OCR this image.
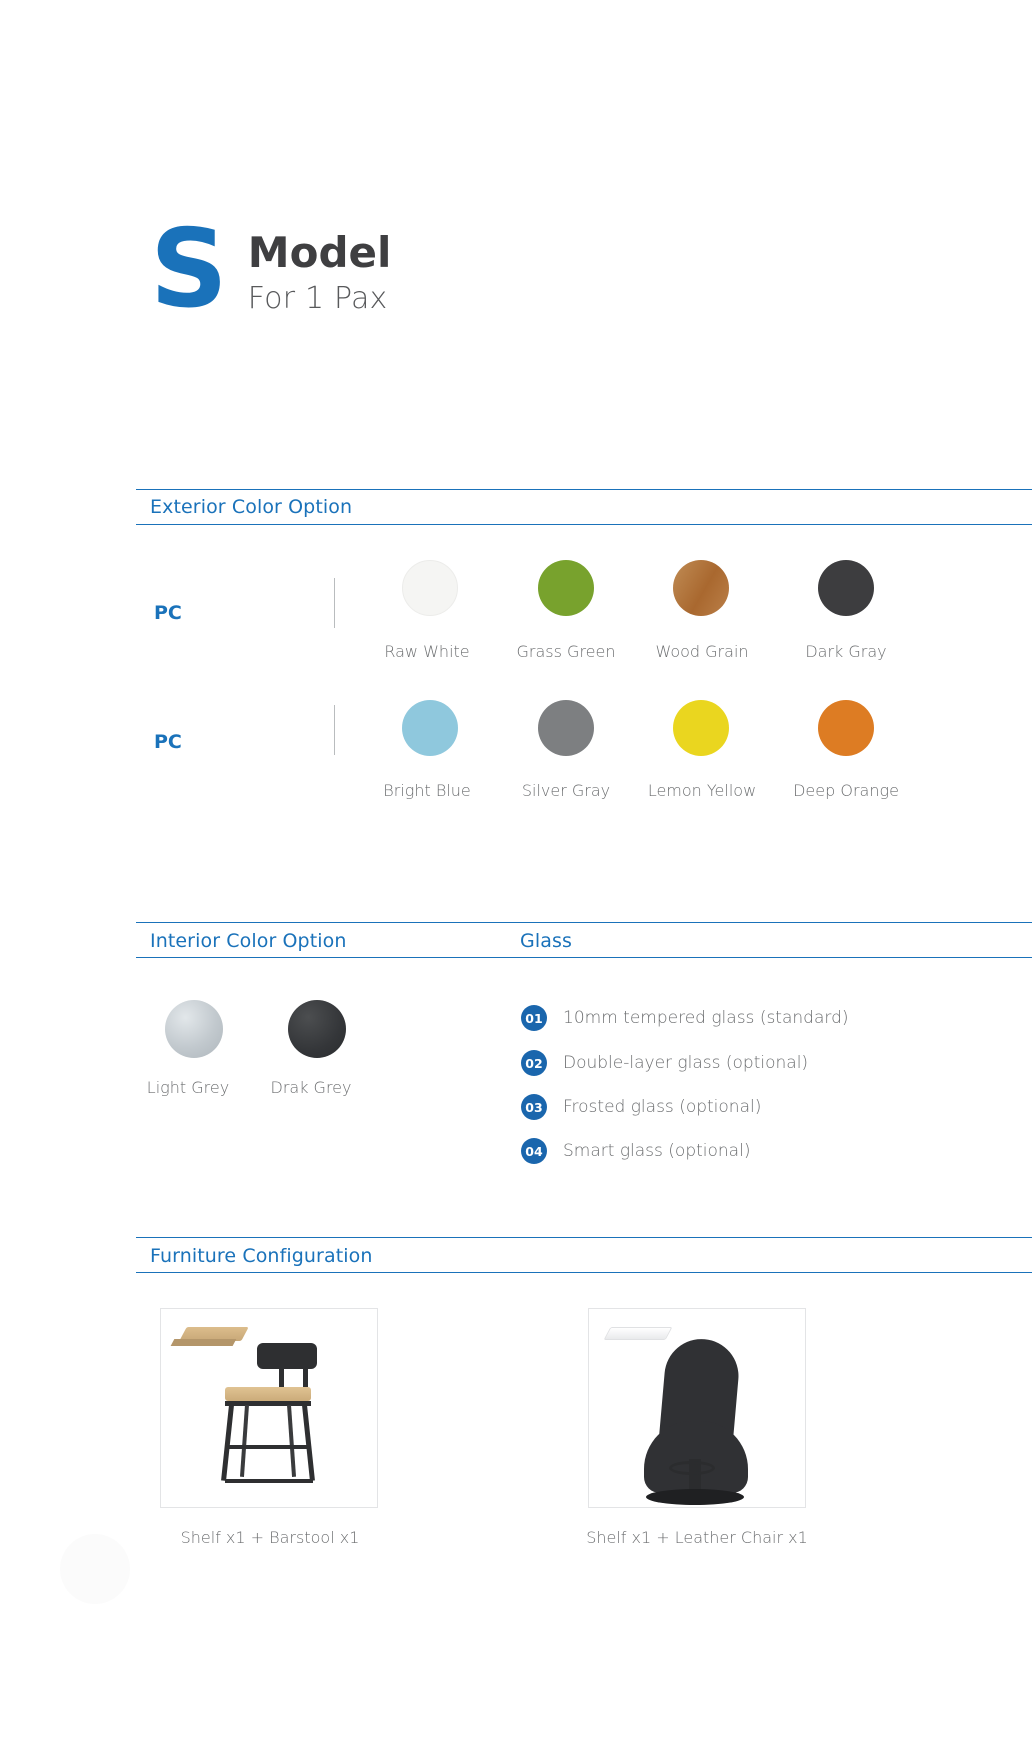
S Model
For 1 Pax
Exterior Color Option
PC
Raw White	Grass Green	Wood Grain	Dark Gray
PC
Bright Blue	Silver Gray	Lemon Yellow	Deep Orange
Interior Color Option	Glass
Light Grey	Drak Grey
01 10mm tempered glass (standard)
02 Double-layer glass (optional)
03 Frosted glass (optional)
04 Smart glass (optional)
Furniture Configuration
Shelf x1 + Barstool x1	Shelf x1 + Leather Chair x1
